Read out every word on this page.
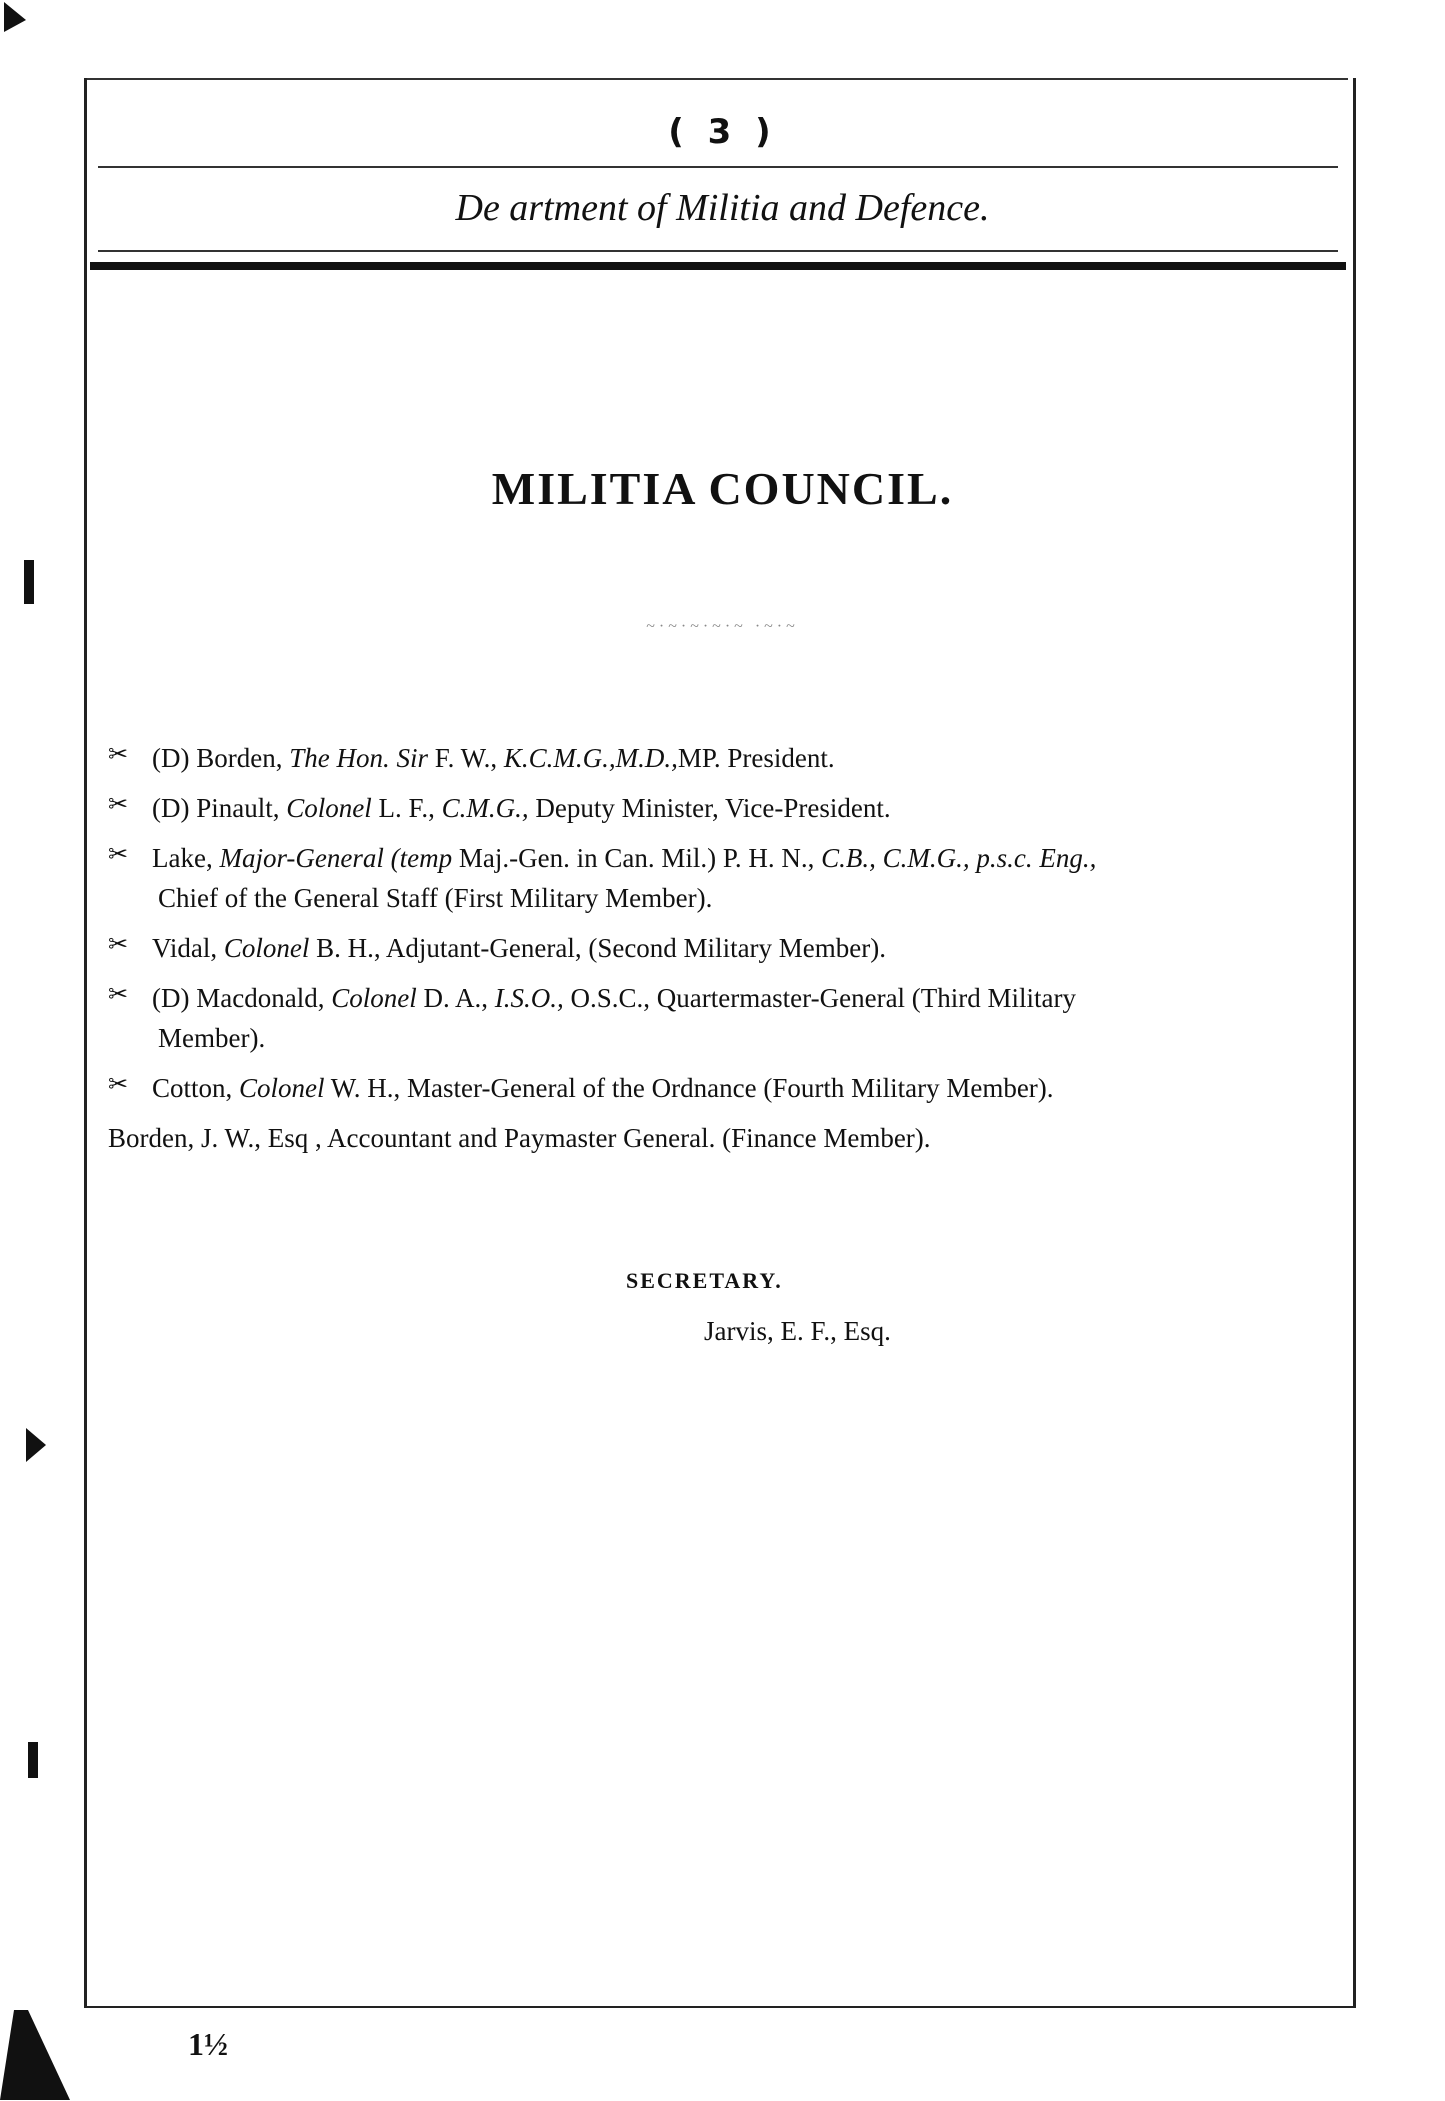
( 3 )
De artment of Militia and Defence.
MILITIA COUNCIL.
~·~·~·~·~ ·~·~
✂ (D) Borden, The Hon. Sir F. W., K.C.M.G.,M.D.,MP. President.
✂ (D) Pinault, Colonel L. F., C.M.G., Deputy Minister, Vice-President.
✂ Lake, Major-General (temp Maj.-Gen. in Can. Mil.) P. H. N., C.B., C.M.G., p.s.c. Eng.,
Chief of the General Staff (First Military Member).
✂ Vidal, Colonel B. H., Adjutant-General, (Second Military Member).
✂ (D) Macdonald, Colonel D. A., I.S.O., O.S.C., Quartermaster-General (Third Military
Member).
✂ Cotton, Colonel W. H., Master-General of the Ordnance (Fourth Military Member).
Borden, J. W., Esq , Accountant and Paymaster General. (Finance Member).
SECRETARY.
Jarvis, E. F., Esq.
1½
